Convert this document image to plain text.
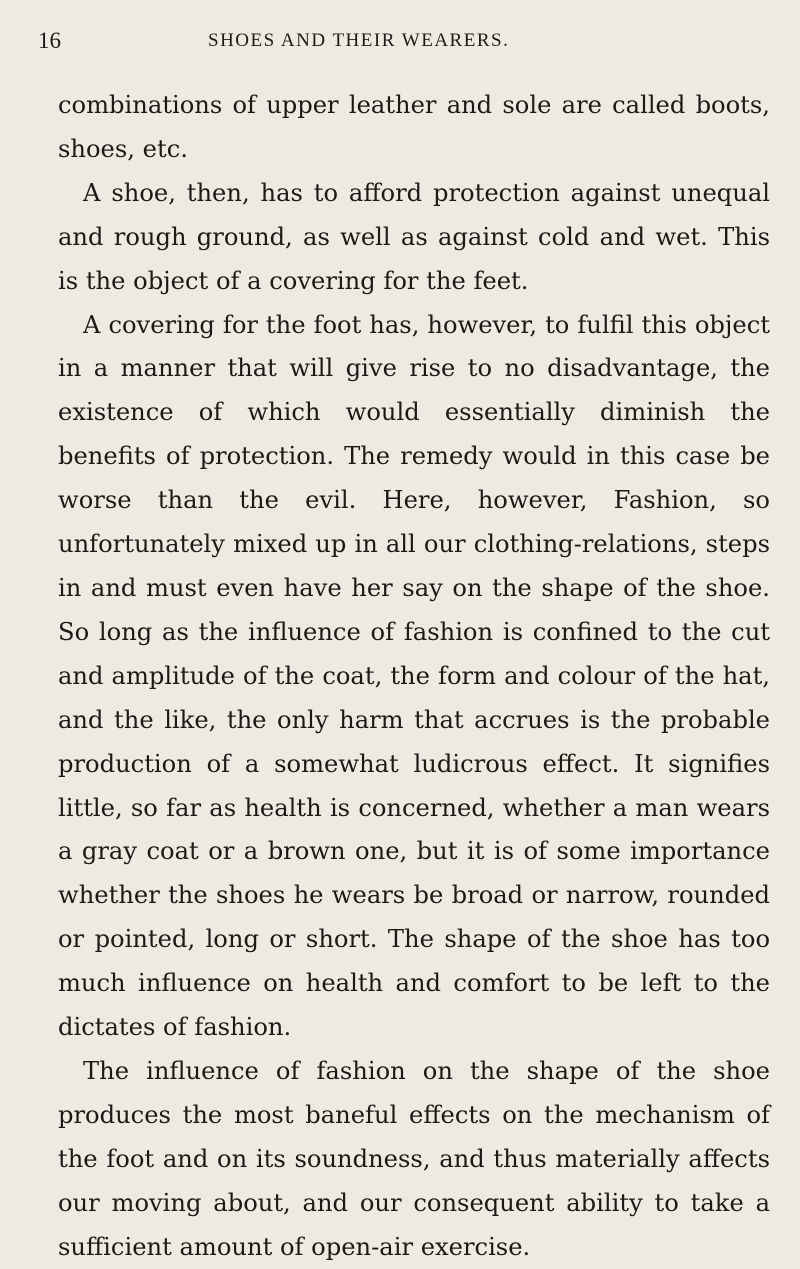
16	SHOES AND THEIR WEARERS.

combinations of upper leather and sole are called boots, shoes, etc.

A shoe, then, has to afford protection against unequal and rough ground, as well as against cold and wet. This is the object of a covering for the feet.

A covering for the foot has, however, to fulfil this object in a manner that will give rise to no disadvantage, the existence of which would essentially diminish the benefits of protection. The remedy would in this case be worse than the evil. Here, however, Fashion, so unfortunately mixed up in all our clothing-relations, steps in and must even have her say on the shape of the shoe. So long as the influence of fashion is confined to the cut and amplitude of the coat, the form and colour of the hat, and the like, the only harm that accrues is the probable production of a somewhat ludicrous effect. It signifies little, so far as health is concerned, whether a man wears a gray coat or a brown one, but it is of some importance whether the shoes he wears be broad or narrow, rounded or pointed, long or short. The shape of the shoe has too much influence on health and comfort to be left to the dictates of fashion.

The influence of fashion on the shape of the shoe produces the most baneful effects on the mechanism of the foot and on its soundness, and thus materially affects our moving about, and our consequent ability to take a sufficient amount of open-air exercise.
